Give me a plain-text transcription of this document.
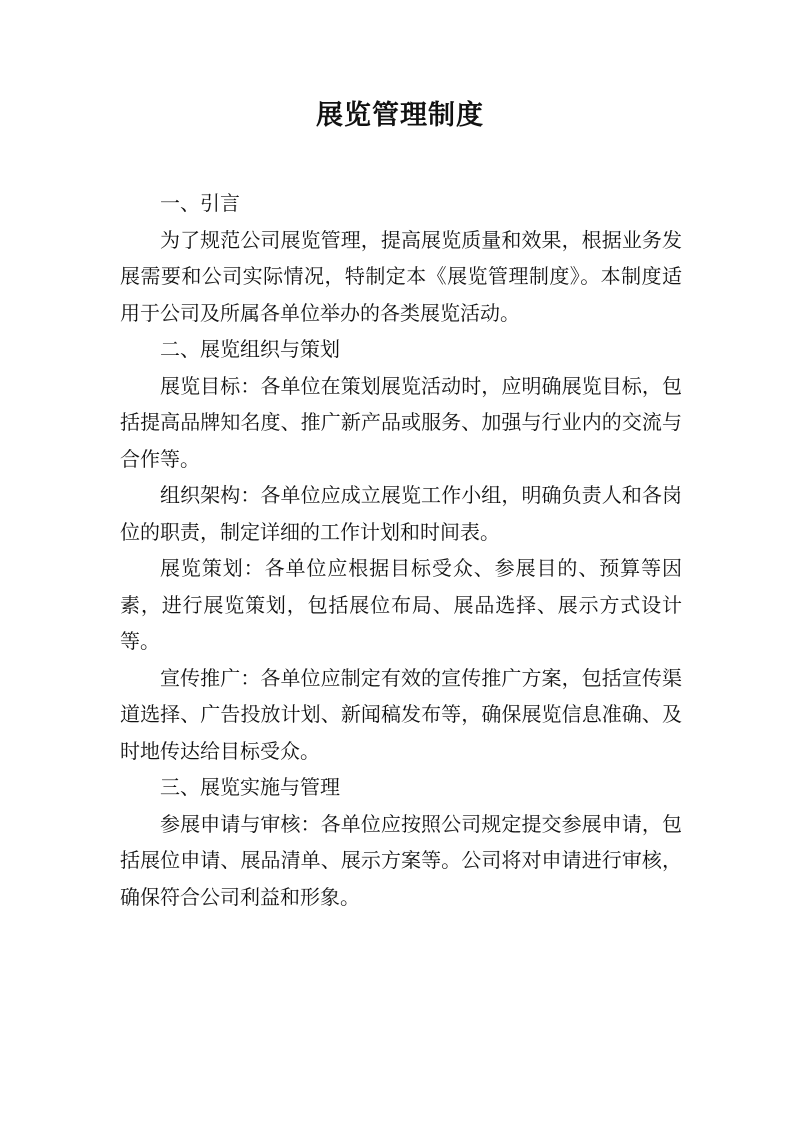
展览管理制度

一、引言

为了规范公司展览管理，提高展览质量和效果，根据业务发展需要和公司实际情况，特制定本《展览管理制度》。本制度适用于公司及所属各单位举办的各类展览活动。

二、展览组织与策划

展览目标：各单位在策划展览活动时，应明确展览目标，包括提高品牌知名度、推广新产品或服务、加强与行业内的交流与合作等。

组织架构：各单位应成立展览工作小组，明确负责人和各岗位的职责，制定详细的工作计划和时间表。

展览策划：各单位应根据目标受众、参展目的、预算等因素，进行展览策划，包括展位布局、展品选择、展示方式设计等。

宣传推广：各单位应制定有效的宣传推广方案，包括宣传渠道选择、广告投放计划、新闻稿发布等，确保展览信息准确、及时地传达给目标受众。

三、展览实施与管理

参展申请与审核：各单位应按照公司规定提交参展申请，包括展位申请、展品清单、展示方案等。公司将对申请进行审核，确保符合公司利益和形象。
